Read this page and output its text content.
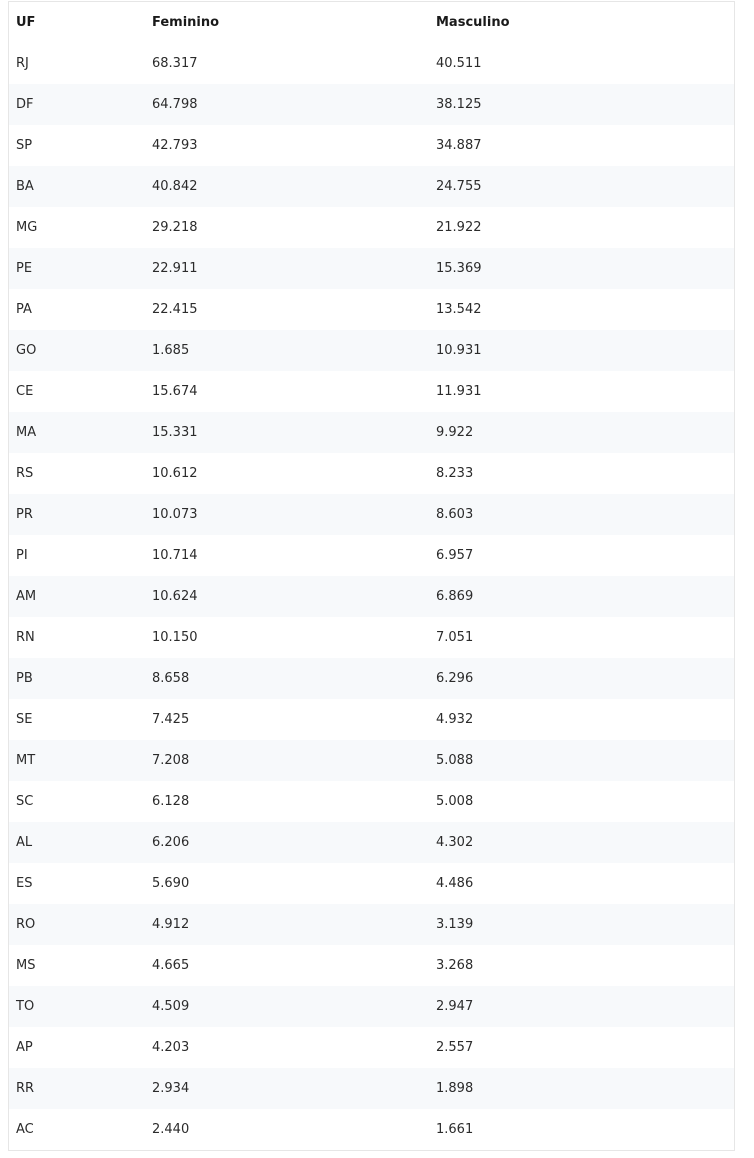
UF	Feminino	Masculino
RJ	68.317	40.511
DF	64.798	38.125
SP	42.793	34.887
BA	40.842	24.755
MG	29.218	21.922
PE	22.911	15.369
PA	22.415	13.542
GO	1.685	10.931
CE	15.674	11.931
MA	15.331	9.922
RS	10.612	8.233
PR	10.073	8.603
PI	10.714	6.957
AM	10.624	6.869
RN	10.150	7.051
PB	8.658	6.296
SE	7.425	4.932
MT	7.208	5.088
SC	6.128	5.008
AL	6.206	4.302
ES	5.690	4.486
RO	4.912	3.139
MS	4.665	3.268
TO	4.509	2.947
AP	4.203	2.557
RR	2.934	1.898
AC	2.440	1.661
